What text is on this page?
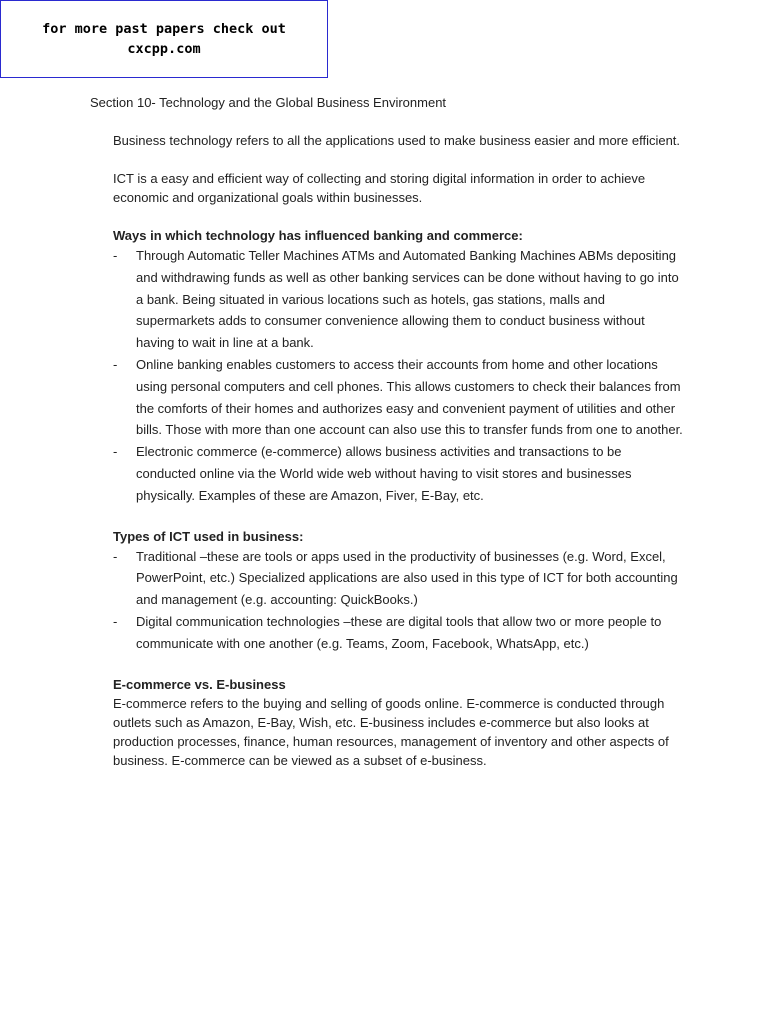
for more past papers check out
cxcpp.com
Section 10- Technology and the Global Business Environment

Business technology refers to all the applications used to make business easier and more efficient.

ICT is a easy and efficient way of collecting and storing digital information in order to achieve economic and organizational goals within businesses.

Ways in which technology has influenced banking and commerce:

- Through Automatic Teller Machines ATMs and Automated Banking Machines ABMs depositing and withdrawing funds as well as other banking services can be done without having to go into a bank. Being situated in various locations such as hotels, gas stations, malls and supermarkets adds to consumer convenience allowing them to conduct business without having to wait in line at a bank.
- Online banking enables customers to access their accounts from home and other locations using personal computers and cell phones. This allows customers to check their balances from the comforts of their homes and authorizes easy and convenient payment of utilities and other bills. Those with more than one account can also use this to transfer funds from one to another.
- Electronic commerce (e-commerce) allows business activities and transactions to be conducted online via the World wide web without having to visit stores and businesses physically. Examples of these are Amazon, Fiver, E-Bay, etc.

Types of ICT used in business:

- Traditional –these are tools or apps used in the productivity of businesses (e.g. Word, Excel, PowerPoint, etc.) Specialized applications are also used in this type of ICT for both accounting and management (e.g. accounting: QuickBooks.)
- Digital communication technologies –these are digital tools that allow two or more people to communicate with one another (e.g. Teams, Zoom, Facebook, WhatsApp, etc.)

E-commerce vs. E-business

E-commerce refers to the buying and selling of goods online. E-commerce is conducted through outlets such as Amazon, E-Bay, Wish, etc. E-business includes e-commerce but also looks at production processes, finance, human resources, management of inventory and other aspects of business. E-commerce can be viewed as a subset of e-business.
